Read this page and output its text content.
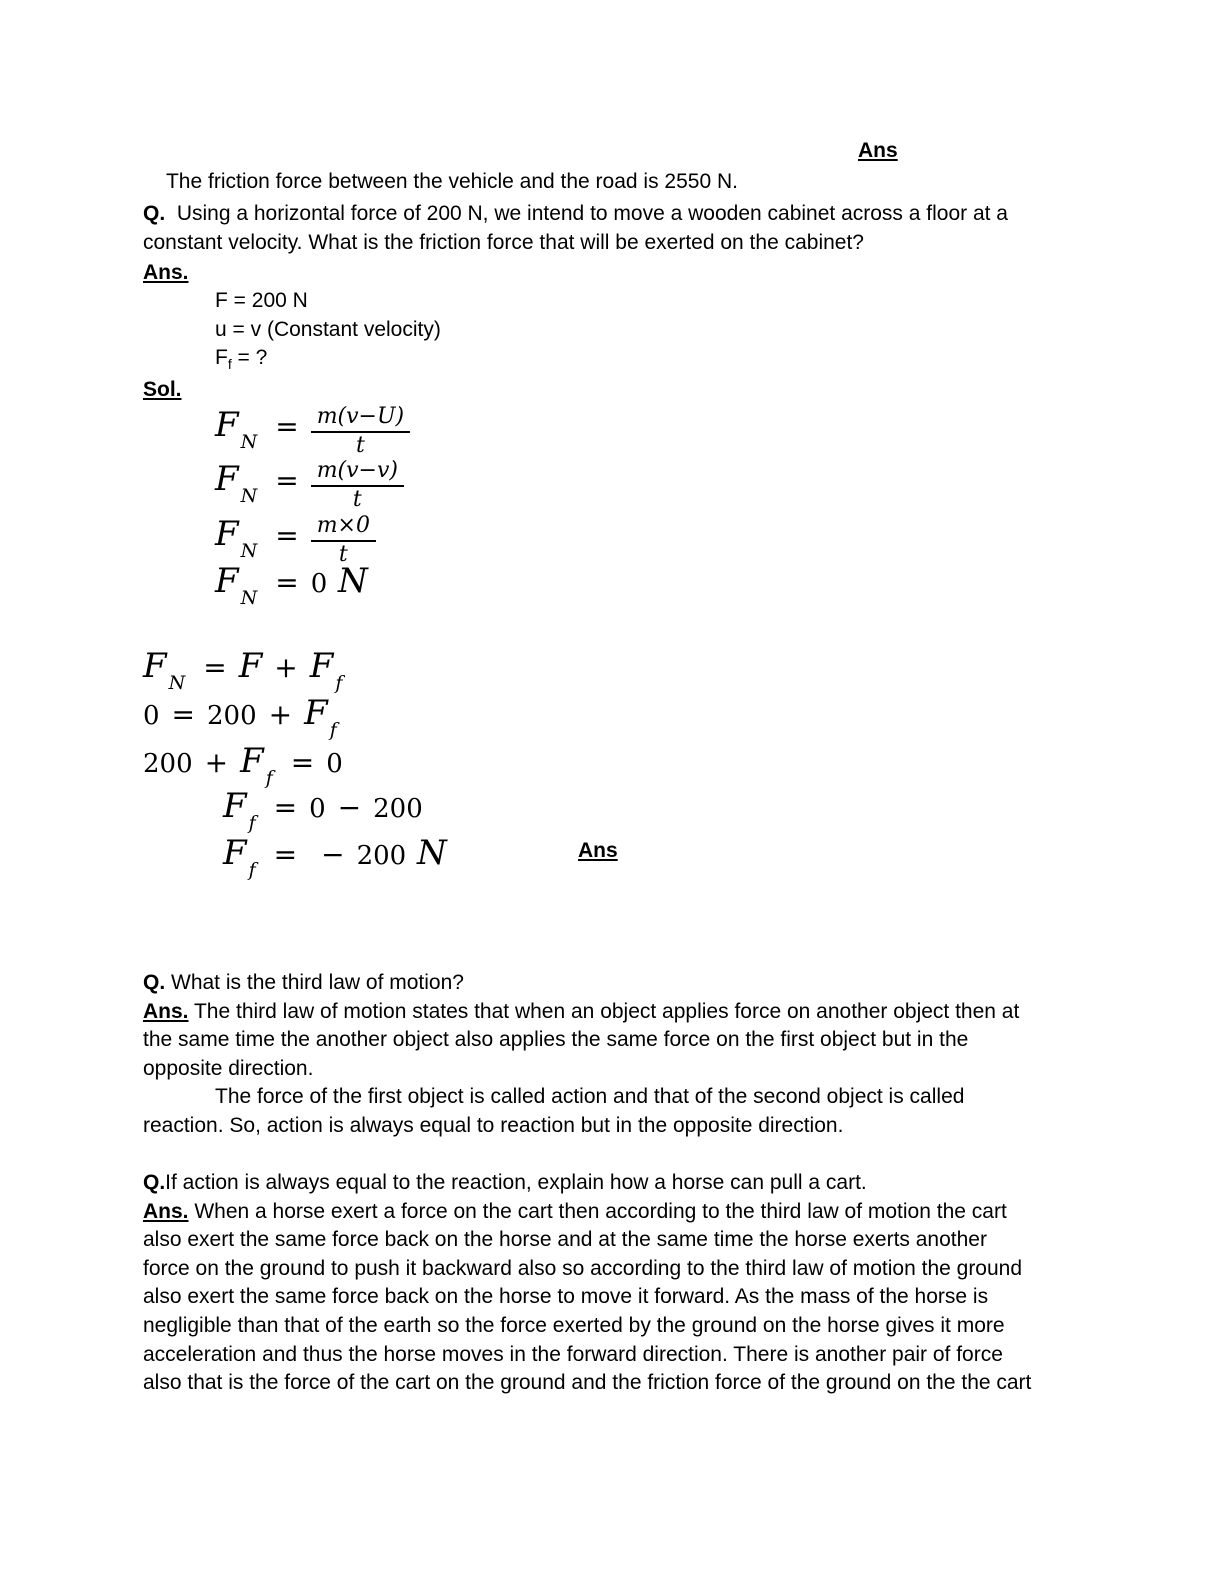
The friction force between the vehicle and the road is 2550 N.

Ans
Q.  Using a horizontal force of 200 N, we intend to move a wooden cabinet across a floor at a
constant velocity. What is the friction force that will be exerted on the cabinet?
Ans.
F = 200 N
u = v (Constant velocity)
$F_f$ = ?
Sol.
F $_N = \frac{m(v-U)}{t}$
F $_N = \frac{m(v-v)}{t}$
F $_N = \frac{m\times 0}{t}$
F $_N$ = 0 N
F $_N$ = F + F $_f$
0 = 200 + F $_f$
200 + F $_f$ = 0
F $_f$ = 0 − 200
F $_f$ = − 200 N	Ans
Q. What is the third law of motion?
Ans. The third law of motion states that when an object applies force on another object then at
the same time the another object also applies the same force on the first object but in the
opposite direction.
The force of the first object is called action and that of the second object is called
reaction. So, action is always equal to reaction but in the opposite direction.
Q.If action is always equal to the reaction, explain how a horse can pull a cart.
Ans. When a horse exert a force on the cart then according to the third law of motion the cart
also exert the same force back on the horse and at the same time the horse exerts another
force on the ground to push it backward also so according to the third law of motion the ground
also exert the same force back on the horse to move it forward. As the mass of the horse is
negligible than that of the earth so the force exerted by the ground on the horse gives it more
acceleration and thus the horse moves in the forward direction. There is another pair of force
also that is the force of the cart on the ground and the friction force of the ground on the the cart
